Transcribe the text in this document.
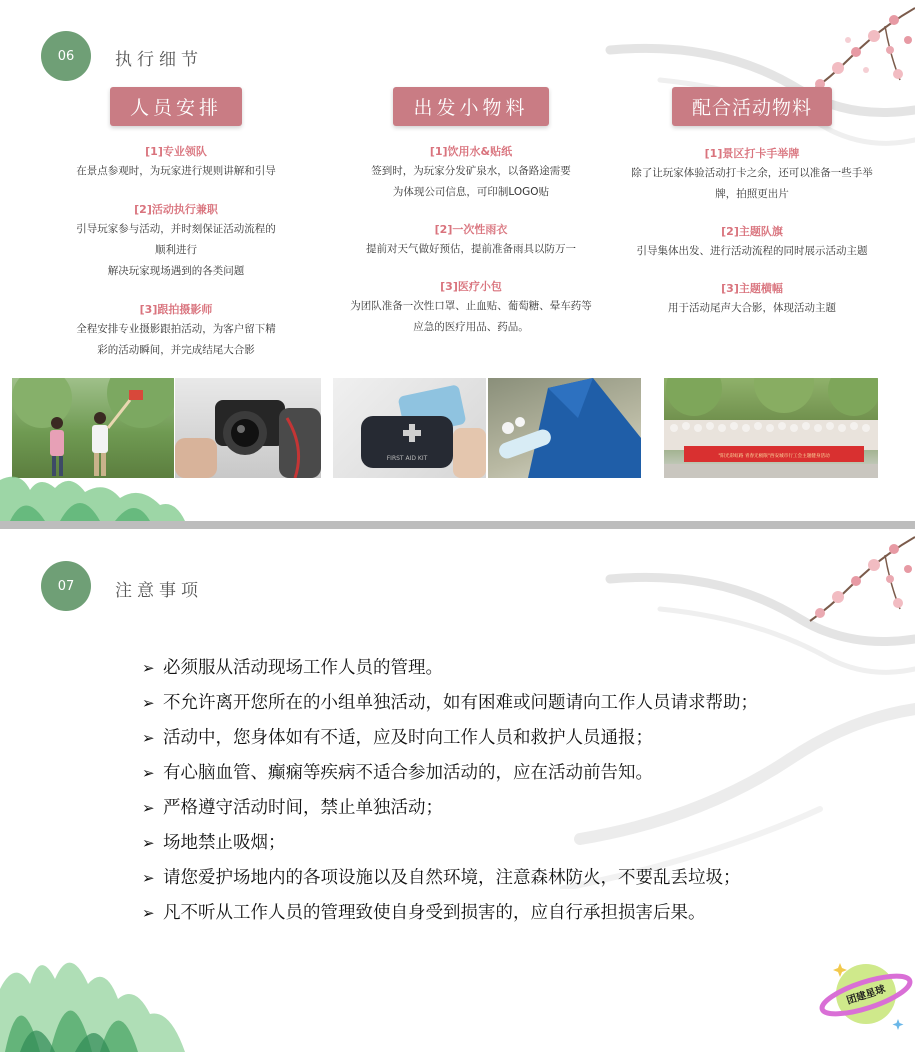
06	执行细节
人员安排
[1]专业领队
在景点参观时，为玩家进行规则讲解和引导
[2]活动执行兼职
引导玩家参与活动，并时刻保证活动流程的
顺利进行
解决玩家现场遇到的各类问题
[3]跟拍摄影师
全程安排专业摄影跟拍活动，为客户留下精
彩的活动瞬间，并完成结尾大合影
出发小物料
[1]饮用水&贴纸
签到时，为玩家分发矿泉水，以备路途需要
为体现公司信息，可印制LOGO贴
[2]一次性雨衣
提前对天气做好预估，提前准备雨具以防万一
[3]医疗小包
为团队准备一次性口罩、止血贴、葡萄糖、晕车药等
应急的医疗用品、药品。
配合活动物料
[1]景区打卡手举牌
除了让玩家体验活动打卡之余，还可以准备一些手举
牌，拍照更出片
[2]主题队旗
引导集体出发、进行活动流程的同时展示活动主题
[3]主题横幅
用于活动尾声大合影，体现活动主题
FIRST AID KIT	"阳光彩虹路 青春无极限"西安城市行工会主题健身活动
07	注意事项
➢ 必须服从活动现场工作人员的管理。
➢ 不允许离开您所在的小组单独活动，如有困难或问题请向工作人员请求帮助；
➢ 活动中，您身体如有不适，应及时向工作人员和救护人员通报；
➢ 有心脑血管、癫痫等疾病不适合参加活动的，应在活动前告知。
➢ 严格遵守活动时间，禁止单独活动；
➢ 场地禁止吸烟；
➢ 请您爱护场地内的各项设施以及自然环境，注意森林防火，不要乱丢垃圾；
➢ 凡不听从工作人员的管理致使自身受到损害的，应自行承担损害后果。
团建星球
